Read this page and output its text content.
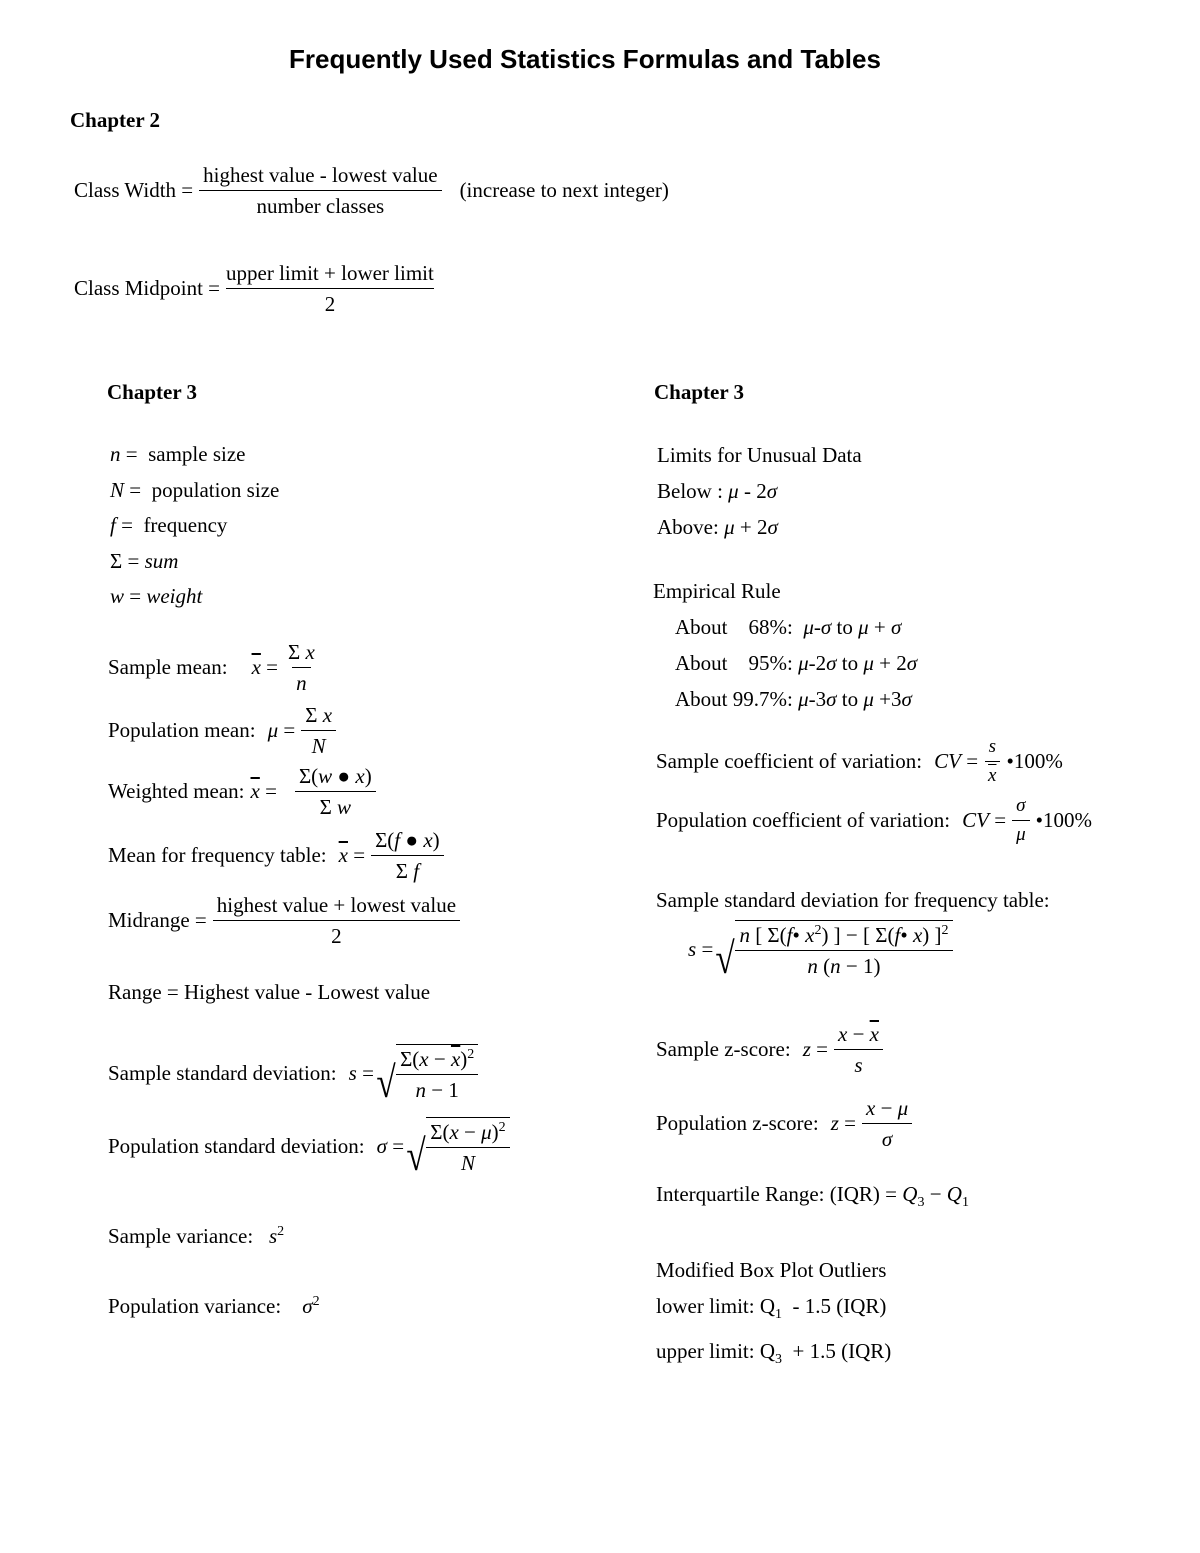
Frequently Used Statistics Formulas and Tables
Chapter 2
Class Width = $\frac{\text{highest value - lowest value}}{\text{number classes}}$ (increase to next integer)
Class Midpoint = $\frac{\text{upper limit + lower limit}}{2}$
Chapter 3
n = sample size
N = population size
f = frequency
Σ = sum
w = weight
Sample mean: $\overline{x} = \frac{\text{Σ x}}{n}$
Population mean: $\mu = \frac{\text{Σ x}}{N}$
Weighted mean: $\overline{x} = \frac{\Sigma(w ● x)}{\text{Σ w}}$
Mean for frequency table: $\overline{x} = \frac{\Sigma(f ● x)}{\text{Σ f}}$
Midrange = $\frac{\text{highest value + lowest value}}{2}$
Range = Highest value - Lowest value
Sample standard deviation: s = √ $\frac{\Sigma(x - \overline{x})^2}{n - 1}$
Population standard deviation: σ = √ $\frac{\Sigma(x - \mu)^2}{N}$
Sample variance: $s^2$
Population variance: $\sigma^2$
Chapter 3
Limits for Unusual Data
Below : μ - 2σ
Above: μ + 2σ
Empirical Rule
About 68%: μ-σ to μ + σ
About 95%: μ-2σ to μ + 2σ
About 99.7%: μ-3σ to μ +3σ
Sample coefficient of variation: CV = $\frac{s}{x}$ • 100%
Population coefficient of variation: CV = $\frac{\sigma}{\mu}$ • 100%
Sample standard deviation for frequency table:
s = √ $\frac{n [ \Sigma(f• x^2) ] - [ \Sigma(f• x) ]^2}{n (n - 1)}$
Sample z-score: $z = \frac{x - \overline{x}}{s}$
Population z-score: $z = \frac{x - \mu}{\sigma}$
Interquartile Range: $(IQR) = Q_3 - Q_1$
Modified Box Plot Outliers
lower limit: $Q_1 - 1.5$ (IQR)
upper limit: $Q_3 + 1.5$ (IQR)
